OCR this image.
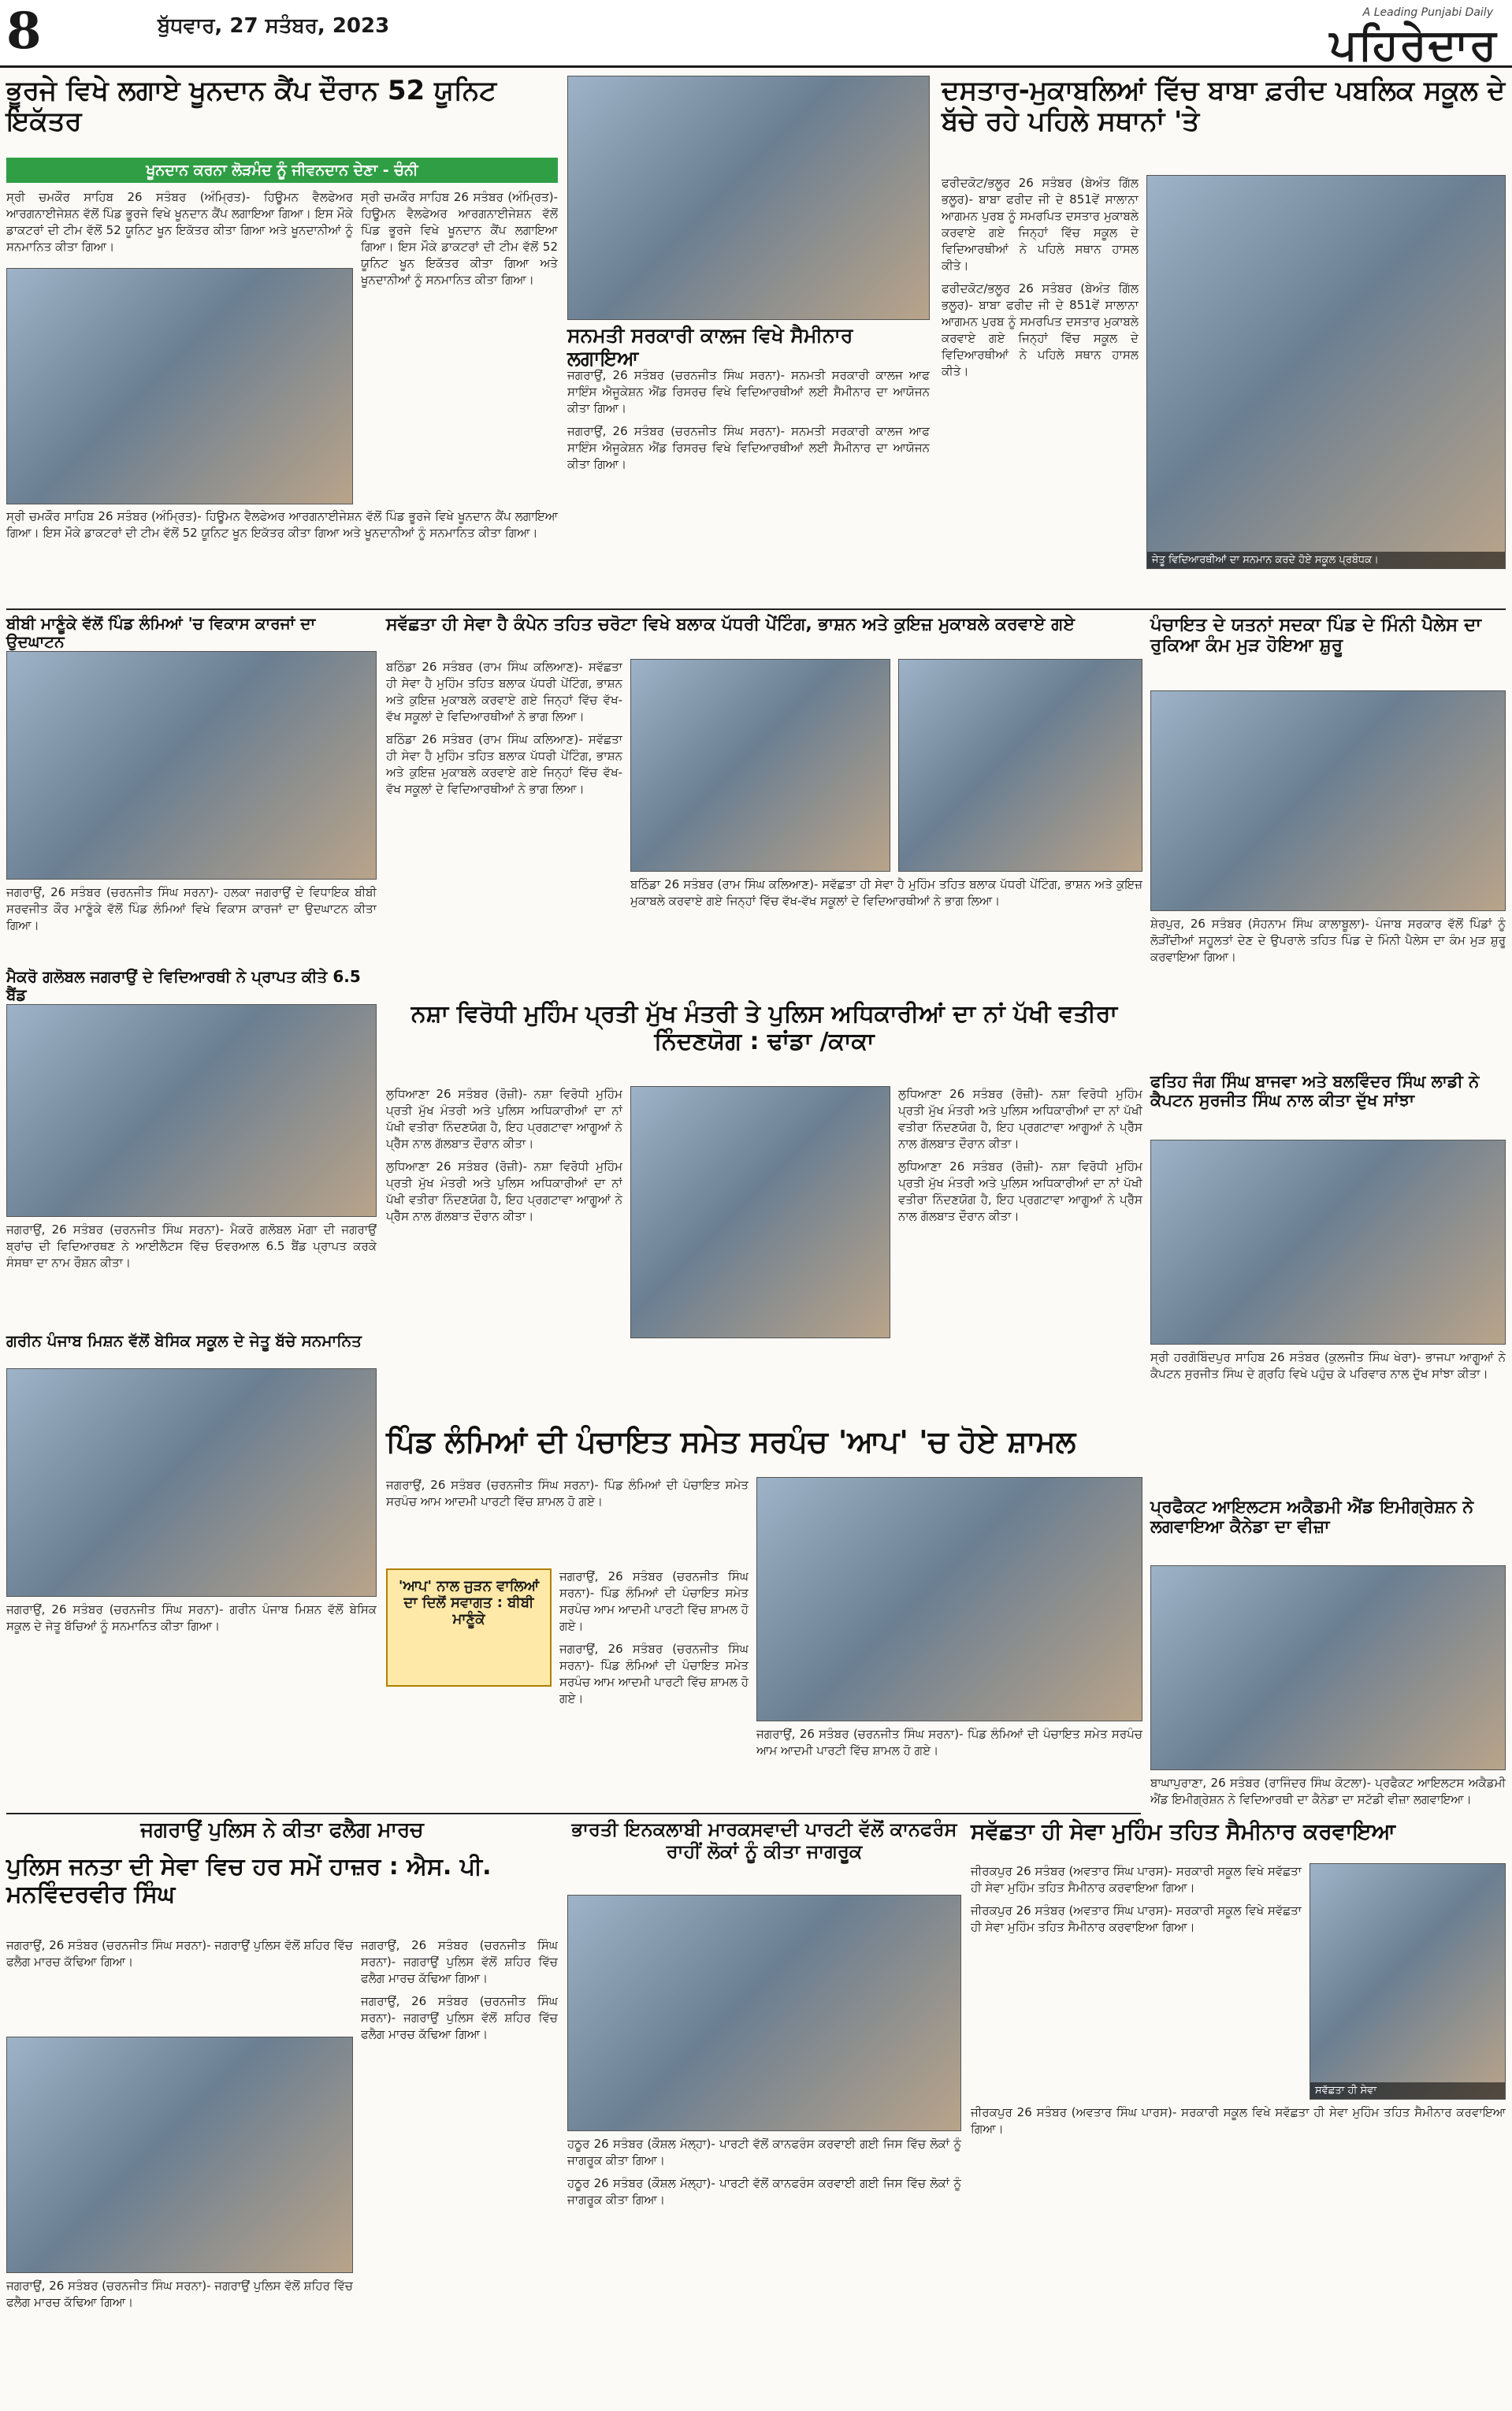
8	ਬੁੱਧਵਾਰ, 27 ਸਤੰਬਰ, 2023
A Leading Punjabi Daily
ਪਹਿਰੇਦਾਰ
ਭੂਰਜੇ ਵਿਖੇ ਲਗਾਏ ਖੂਨਦਾਨ ਕੈਂਪ ਦੌਰਾਨ 52 ਯੂਨਿਟ ਇਕੱਤਰ
ਖੂਨਦਾਨ ਕਰਨਾ ਲੋੜਮੰਦ ਨੂੰ ਜੀਵਨਦਾਨ ਦੇਣਾ - ਚੰਨੀ

ਸ੍ਰੀ ਚਮਕੌਰ ਸਾਹਿਬ 26 ਸਤੰਬਰ (ਅੰਮ੍ਰਿਤ)- ਹਿਊਮਨ ਵੈਲਫੇਅਰ ਆਰਗਨਾਈਜੇਸ਼ਨ ਵੱਲੋਂ ਪਿੰਡ ਭੂਰਜੇ ਵਿਖੇ ਖੂਨਦਾਨ ਕੈਂਪ ਲਗਾਇਆ ਗਿਆ। ਇਸ ਮੌਕੇ ਡਾਕਟਰਾਂ ਦੀ ਟੀਮ ਵੱਲੋਂ 52 ਯੂਨਿਟ ਖੂਨ ਇਕੱਤਰ ਕੀਤਾ ਗਿਆ ਅਤੇ ਖੂਨਦਾਨੀਆਂ ਨੂੰ ਸਨਮਾਨਿਤ ਕੀਤਾ ਗਿਆ।

ਸ੍ਰੀ ਚਮਕੌਰ ਸਾਹਿਬ 26 ਸਤੰਬਰ (ਅੰਮ੍ਰਿਤ)- ਹਿਊਮਨ ਵੈਲਫੇਅਰ ਆਰਗਨਾਈਜੇਸ਼ਨ ਵੱਲੋਂ ਪਿੰਡ ਭੂਰਜੇ ਵਿਖੇ ਖੂਨਦਾਨ ਕੈਂਪ ਲਗਾਇਆ ਗਿਆ। ਇਸ ਮੌਕੇ ਡਾਕਟਰਾਂ ਦੀ ਟੀਮ ਵੱਲੋਂ 52 ਯੂਨਿਟ ਖੂਨ ਇਕੱਤਰ ਕੀਤਾ ਗਿਆ ਅਤੇ ਖੂਨਦਾਨੀਆਂ ਨੂੰ ਸਨਮਾਨਿਤ ਕੀਤਾ ਗਿਆ।

ਸ੍ਰੀ ਚਮਕੌਰ ਸਾਹਿਬ 26 ਸਤੰਬਰ (ਅੰਮ੍ਰਿਤ)- ਹਿਊਮਨ ਵੈਲਫੇਅਰ ਆਰਗਨਾਈਜੇਸ਼ਨ ਵੱਲੋਂ ਪਿੰਡ ਭੂਰਜੇ ਵਿਖੇ ਖੂਨਦਾਨ ਕੈਂਪ ਲਗਾਇਆ ਗਿਆ। ਇਸ ਮੌਕੇ ਡਾਕਟਰਾਂ ਦੀ ਟੀਮ ਵੱਲੋਂ 52 ਯੂਨਿਟ ਖੂਨ ਇਕੱਤਰ ਕੀਤਾ ਗਿਆ ਅਤੇ ਖੂਨਦਾਨੀਆਂ ਨੂੰ ਸਨਮਾਨਿਤ ਕੀਤਾ ਗਿਆ।

ਸਨਮਤੀ ਸਰਕਾਰੀ ਕਾਲਜ ਵਿਖੇ ਸੈਮੀਨਾਰ ਲਗਾਇਆ

ਜਗਰਾਉਂ, 26 ਸਤੰਬਰ (ਚਰਨਜੀਤ ਸਿੰਘ ਸਰਨਾ)- ਸਨਮਤੀ ਸਰਕਾਰੀ ਕਾਲਜ ਆਫ ਸਾਇੰਸ ਐਜੂਕੇਸ਼ਨ ਐਂਡ ਰਿਸਰਚ ਵਿਖੇ ਵਿਦਿਆਰਥੀਆਂ ਲਈ ਸੈਮੀਨਾਰ ਦਾ ਆਯੋਜਨ ਕੀਤਾ ਗਿਆ।

ਜਗਰਾਉਂ, 26 ਸਤੰਬਰ (ਚਰਨਜੀਤ ਸਿੰਘ ਸਰਨਾ)- ਸਨਮਤੀ ਸਰਕਾਰੀ ਕਾਲਜ ਆਫ ਸਾਇੰਸ ਐਜੂਕੇਸ਼ਨ ਐਂਡ ਰਿਸਰਚ ਵਿਖੇ ਵਿਦਿਆਰਥੀਆਂ ਲਈ ਸੈਮੀਨਾਰ ਦਾ ਆਯੋਜਨ ਕੀਤਾ ਗਿਆ।

ਦਸਤਾਰ-ਮੁਕਾਬਲਿਆਂ ਵਿੱਚ ਬਾਬਾ ਫ਼ਰੀਦ ਪਬਲਿਕ ਸਕੂਲ ਦੇ ਬੱਚੇ ਰਹੇ ਪਹਿਲੇ ਸਥਾਨਾਂ 'ਤੇ

ਫਰੀਦਕੋਟ/ਭਲੂਰ 26 ਸਤੰਬਰ (ਬੇਅੰਤ ਗਿੱਲ ਭਲੂਰ)- ਬਾਬਾ ਫਰੀਦ ਜੀ ਦੇ 851ਵੇਂ ਸਾਲਾਨਾ ਆਗਮਨ ਪੁਰਬ ਨੂੰ ਸਮਰਪਿਤ ਦਸਤਾਰ ਮੁਕਾਬਲੇ ਕਰਵਾਏ ਗਏ ਜਿਨ੍ਹਾਂ ਵਿੱਚ ਸਕੂਲ ਦੇ ਵਿਦਿਆਰਥੀਆਂ ਨੇ ਪਹਿਲੇ ਸਥਾਨ ਹਾਸਲ ਕੀਤੇ।

ਫਰੀਦਕੋਟ/ਭਲੂਰ 26 ਸਤੰਬਰ (ਬੇਅੰਤ ਗਿੱਲ ਭਲੂਰ)- ਬਾਬਾ ਫਰੀਦ ਜੀ ਦੇ 851ਵੇਂ ਸਾਲਾਨਾ ਆਗਮਨ ਪੁਰਬ ਨੂੰ ਸਮਰਪਿਤ ਦਸਤਾਰ ਮੁਕਾਬਲੇ ਕਰਵਾਏ ਗਏ ਜਿਨ੍ਹਾਂ ਵਿੱਚ ਸਕੂਲ ਦੇ ਵਿਦਿਆਰਥੀਆਂ ਨੇ ਪਹਿਲੇ ਸਥਾਨ ਹਾਸਲ ਕੀਤੇ।

ਜੇਤੂ ਵਿਦਿਆਰਥੀਆਂ ਦਾ ਸਨਮਾਨ ਕਰਦੇ ਹੋਏ ਸਕੂਲ ਪ੍ਰਬੰਧਕ।
ਬੀਬੀ ਮਾਣੂੰਕੇ ਵੱਲੋਂ ਪਿੰਡ ਲੰਮਿਆਂ 'ਚ ਵਿਕਾਸ ਕਾਰਜਾਂ ਦਾ ਉਦਘਾਟਨ

ਜਗਰਾਉਂ, 26 ਸਤੰਬਰ (ਚਰਨਜੀਤ ਸਿੰਘ ਸਰਨਾ)- ਹਲਕਾ ਜਗਰਾਉਂ ਦੇ ਵਿਧਾਇਕ ਬੀਬੀ ਸਰਵਜੀਤ ਕੌਰ ਮਾਣੂੰਕੇ ਵੱਲੋਂ ਪਿੰਡ ਲੰਮਿਆਂ ਵਿਖੇ ਵਿਕਾਸ ਕਾਰਜਾਂ ਦਾ ਉਦਘਾਟਨ ਕੀਤਾ ਗਿਆ।

ਮੈਕਰੋ ਗਲੋਬਲ ਜਗਰਾਉਂ ਦੇ ਵਿਦਿਆਰਥੀ ਨੇ ਪ੍ਰਾਪਤ ਕੀਤੇ 6.5 ਬੈਂਡ

ਜਗਰਾਉਂ, 26 ਸਤੰਬਰ (ਚਰਨਜੀਤ ਸਿੰਘ ਸਰਨਾ)- ਮੈਕਰੋ ਗਲੋਬਲ ਮੋਗਾ ਦੀ ਜਗਰਾਉਂ ਬ੍ਰਾਂਚ ਦੀ ਵਿਦਿਆਰਥਣ ਨੇ ਆਈਲੈਟਸ ਵਿੱਚ ਓਵਰਆਲ 6.5 ਬੈਂਡ ਪ੍ਰਾਪਤ ਕਰਕੇ ਸੰਸਥਾ ਦਾ ਨਾਮ ਰੌਸ਼ਨ ਕੀਤਾ।

ਸਵੱਛਤਾ ਹੀ ਸੇਵਾ ਹੈ ਕੰਪੇਨ ਤਹਿਤ ਚਰੋਟਾ ਵਿਖੇ ਬਲਾਕ ਪੱਧਰੀ ਪੇਂਟਿੰਗ, ਭਾਸ਼ਨ ਅਤੇ ਕੁਇਜ਼ ਮੁਕਾਬਲੇ ਕਰਵਾਏ ਗਏ

ਬਠਿੰਡਾ 26 ਸਤੰਬਰ (ਰਾਮ ਸਿੰਘ ਕਲਿਆਣ)- ਸਵੱਛਤਾ ਹੀ ਸੇਵਾ ਹੈ ਮੁਹਿੰਮ ਤਹਿਤ ਬਲਾਕ ਪੱਧਰੀ ਪੇਂਟਿੰਗ, ਭਾਸ਼ਨ ਅਤੇ ਕੁਇਜ਼ ਮੁਕਾਬਲੇ ਕਰਵਾਏ ਗਏ ਜਿਨ੍ਹਾਂ ਵਿੱਚ ਵੱਖ-ਵੱਖ ਸਕੂਲਾਂ ਦੇ ਵਿਦਿਆਰਥੀਆਂ ਨੇ ਭਾਗ ਲਿਆ।

ਬਠਿੰਡਾ 26 ਸਤੰਬਰ (ਰਾਮ ਸਿੰਘ ਕਲਿਆਣ)- ਸਵੱਛਤਾ ਹੀ ਸੇਵਾ ਹੈ ਮੁਹਿੰਮ ਤਹਿਤ ਬਲਾਕ ਪੱਧਰੀ ਪੇਂਟਿੰਗ, ਭਾਸ਼ਨ ਅਤੇ ਕੁਇਜ਼ ਮੁਕਾਬਲੇ ਕਰਵਾਏ ਗਏ ਜਿਨ੍ਹਾਂ ਵਿੱਚ ਵੱਖ-ਵੱਖ ਸਕੂਲਾਂ ਦੇ ਵਿਦਿਆਰਥੀਆਂ ਨੇ ਭਾਗ ਲਿਆ।

ਬਠਿੰਡਾ 26 ਸਤੰਬਰ (ਰਾਮ ਸਿੰਘ ਕਲਿਆਣ)- ਸਵੱਛਤਾ ਹੀ ਸੇਵਾ ਹੈ ਮੁਹਿੰਮ ਤਹਿਤ ਬਲਾਕ ਪੱਧਰੀ ਪੇਂਟਿੰਗ, ਭਾਸ਼ਨ ਅਤੇ ਕੁਇਜ਼ ਮੁਕਾਬਲੇ ਕਰਵਾਏ ਗਏ ਜਿਨ੍ਹਾਂ ਵਿੱਚ ਵੱਖ-ਵੱਖ ਸਕੂਲਾਂ ਦੇ ਵਿਦਿਆਰਥੀਆਂ ਨੇ ਭਾਗ ਲਿਆ।

ਪੰਚਾਇਤ ਦੇ ਯਤਨਾਂ ਸਦਕਾ ਪਿੰਡ ਦੇ ਮਿੰਨੀ ਪੈਲੇਸ ਦਾ ਰੁਕਿਆ ਕੰਮ ਮੁੜ ਹੋਇਆ ਸ਼ੁਰੂ

ਸ਼ੇਰਪੁਰ, 26 ਸਤੰਬਰ (ਸੋਹਨਾਮ ਸਿੰਘ ਕਾਲਾਬੂਲਾ)- ਪੰਜਾਬ ਸਰਕਾਰ ਵੱਲੋਂ ਪਿੰਡਾਂ ਨੂੰ ਲੋੜੀਂਦੀਆਂ ਸਹੂਲਤਾਂ ਦੇਣ ਦੇ ਉਪਰਾਲੇ ਤਹਿਤ ਪਿੰਡ ਦੇ ਮਿੰਨੀ ਪੈਲੇਸ ਦਾ ਕੰਮ ਮੁੜ ਸ਼ੁਰੂ ਕਰਵਾਇਆ ਗਿਆ।

ਨਸ਼ਾ ਵਿਰੋਧੀ ਮੁਹਿੰਮ ਪ੍ਰਤੀ ਮੁੱਖ ਮੰਤਰੀ ਤੇ ਪੁਲਿਸ ਅਧਿਕਾਰੀਆਂ ਦਾ ਨਾਂ ਪੱਖੀ ਵਤੀਰਾ ਨਿੰਦਣਯੋਗ : ਢਾਂਡਾ /ਕਾਕਾ

ਲੁਧਿਆਣਾ 26 ਸਤੰਬਰ (ਰੋਜ਼ੀ)- ਨਸ਼ਾ ਵਿਰੋਧੀ ਮੁਹਿੰਮ ਪ੍ਰਤੀ ਮੁੱਖ ਮੰਤਰੀ ਅਤੇ ਪੁਲਿਸ ਅਧਿਕਾਰੀਆਂ ਦਾ ਨਾਂ ਪੱਖੀ ਵਤੀਰਾ ਨਿੰਦਣਯੋਗ ਹੈ, ਇਹ ਪ੍ਰਗਟਾਵਾ ਆਗੂਆਂ ਨੇ ਪ੍ਰੈੱਸ ਨਾਲ ਗੱਲਬਾਤ ਦੌਰਾਨ ਕੀਤਾ।

ਲੁਧਿਆਣਾ 26 ਸਤੰਬਰ (ਰੋਜ਼ੀ)- ਨਸ਼ਾ ਵਿਰੋਧੀ ਮੁਹਿੰਮ ਪ੍ਰਤੀ ਮੁੱਖ ਮੰਤਰੀ ਅਤੇ ਪੁਲਿਸ ਅਧਿਕਾਰੀਆਂ ਦਾ ਨਾਂ ਪੱਖੀ ਵਤੀਰਾ ਨਿੰਦਣਯੋਗ ਹੈ, ਇਹ ਪ੍ਰਗਟਾਵਾ ਆਗੂਆਂ ਨੇ ਪ੍ਰੈੱਸ ਨਾਲ ਗੱਲਬਾਤ ਦੌਰਾਨ ਕੀਤਾ।

ਲੁਧਿਆਣਾ 26 ਸਤੰਬਰ (ਰੋਜ਼ੀ)- ਨਸ਼ਾ ਵਿਰੋਧੀ ਮੁਹਿੰਮ ਪ੍ਰਤੀ ਮੁੱਖ ਮੰਤਰੀ ਅਤੇ ਪੁਲਿਸ ਅਧਿਕਾਰੀਆਂ ਦਾ ਨਾਂ ਪੱਖੀ ਵਤੀਰਾ ਨਿੰਦਣਯੋਗ ਹੈ, ਇਹ ਪ੍ਰਗਟਾਵਾ ਆਗੂਆਂ ਨੇ ਪ੍ਰੈੱਸ ਨਾਲ ਗੱਲਬਾਤ ਦੌਰਾਨ ਕੀਤਾ।

ਲੁਧਿਆਣਾ 26 ਸਤੰਬਰ (ਰੋਜ਼ੀ)- ਨਸ਼ਾ ਵਿਰੋਧੀ ਮੁਹਿੰਮ ਪ੍ਰਤੀ ਮੁੱਖ ਮੰਤਰੀ ਅਤੇ ਪੁਲਿਸ ਅਧਿਕਾਰੀਆਂ ਦਾ ਨਾਂ ਪੱਖੀ ਵਤੀਰਾ ਨਿੰਦਣਯੋਗ ਹੈ, ਇਹ ਪ੍ਰਗਟਾਵਾ ਆਗੂਆਂ ਨੇ ਪ੍ਰੈੱਸ ਨਾਲ ਗੱਲਬਾਤ ਦੌਰਾਨ ਕੀਤਾ।

ਫਤਿਹ ਜੰਗ ਸਿੰਘ ਬਾਜਵਾ ਅਤੇ ਬਲਵਿੰਦਰ ਸਿੰਘ ਲਾਡੀ ਨੇ ਕੈਪਟਨ ਸੁਰਜੀਤ ਸਿੰਘ ਨਾਲ ਕੀਤਾ ਦੁੱਖ ਸਾਂਝਾ

ਸ੍ਰੀ ਹਰਗੋਬਿੰਦਪੁਰ ਸਾਹਿਬ 26 ਸਤੰਬਰ (ਕੁਲਜੀਤ ਸਿੰਘ ਖੇਰਾ)- ਭਾਜਪਾ ਆਗੂਆਂ ਨੇ ਕੈਪਟਨ ਸੁਰਜੀਤ ਸਿੰਘ ਦੇ ਗ੍ਰਹਿ ਵਿਖੇ ਪਹੁੰਚ ਕੇ ਪਰਿਵਾਰ ਨਾਲ ਦੁੱਖ ਸਾਂਝਾ ਕੀਤਾ।

ਗਰੀਨ ਪੰਜਾਬ ਮਿਸ਼ਨ ਵੱਲੋਂ ਬੇਸਿਕ ਸਕੂਲ ਦੇ ਜੇਤੂ ਬੱਚੇ ਸਨਮਾਨਿਤ

ਜਗਰਾਉਂ, 26 ਸਤੰਬਰ (ਚਰਨਜੀਤ ਸਿੰਘ ਸਰਨਾ)- ਗਰੀਨ ਪੰਜਾਬ ਮਿਸ਼ਨ ਵੱਲੋਂ ਬੇਸਿਕ ਸਕੂਲ ਦੇ ਜੇਤੂ ਬੱਚਿਆਂ ਨੂੰ ਸਨਮਾਨਿਤ ਕੀਤਾ ਗਿਆ।

ਪਿੰਡ ਲੰਮਿਆਂ ਦੀ ਪੰਚਾਇਤ ਸਮੇਤ ਸਰਪੰਚ 'ਆਪ' 'ਚ ਹੋਏ ਸ਼ਾਮਲ

ਜਗਰਾਉਂ, 26 ਸਤੰਬਰ (ਚਰਨਜੀਤ ਸਿੰਘ ਸਰਨਾ)- ਪਿੰਡ ਲੰਮਿਆਂ ਦੀ ਪੰਚਾਇਤ ਸਮੇਤ ਸਰਪੰਚ ਆਮ ਆਦਮੀ ਪਾਰਟੀ ਵਿੱਚ ਸ਼ਾਮਲ ਹੋ ਗਏ।

'ਆਪ' ਨਾਲ ਜੁੜਨ ਵਾਲਿਆਂ ਦਾ ਦਿਲੋਂ ਸਵਾਗਤ : ਬੀਬੀ ਮਾਣੂੰਕੇ

ਜਗਰਾਉਂ, 26 ਸਤੰਬਰ (ਚਰਨਜੀਤ ਸਿੰਘ ਸਰਨਾ)- ਪਿੰਡ ਲੰਮਿਆਂ ਦੀ ਪੰਚਾਇਤ ਸਮੇਤ ਸਰਪੰਚ ਆਮ ਆਦਮੀ ਪਾਰਟੀ ਵਿੱਚ ਸ਼ਾਮਲ ਹੋ ਗਏ।

ਜਗਰਾਉਂ, 26 ਸਤੰਬਰ (ਚਰਨਜੀਤ ਸਿੰਘ ਸਰਨਾ)- ਪਿੰਡ ਲੰਮਿਆਂ ਦੀ ਪੰਚਾਇਤ ਸਮੇਤ ਸਰਪੰਚ ਆਮ ਆਦਮੀ ਪਾਰਟੀ ਵਿੱਚ ਸ਼ਾਮਲ ਹੋ ਗਏ।

ਜਗਰਾਉਂ, 26 ਸਤੰਬਰ (ਚਰਨਜੀਤ ਸਿੰਘ ਸਰਨਾ)- ਪਿੰਡ ਲੰਮਿਆਂ ਦੀ ਪੰਚਾਇਤ ਸਮੇਤ ਸਰਪੰਚ ਆਮ ਆਦਮੀ ਪਾਰਟੀ ਵਿੱਚ ਸ਼ਾਮਲ ਹੋ ਗਏ।

ਪ੍ਰਫੈਕਟ ਆਇਲਟਸ ਅਕੈਡਮੀ ਐਂਡ ਇਮੀਗ੍ਰੇਸ਼ਨ ਨੇ ਲਗਵਾਇਆ ਕੈਨੇਡਾ ਦਾ ਵੀਜ਼ਾ

ਬਾਘਾਪੁਰਾਣਾ, 26 ਸਤੰਬਰ (ਰਾਜਿੰਦਰ ਸਿੰਘ ਕੋਟਲਾ)- ਪ੍ਰਫੈਕਟ ਆਇਲਟਸ ਅਕੈਡਮੀ ਐਂਡ ਇਮੀਗ੍ਰੇਸ਼ਨ ਨੇ ਵਿਦਿਆਰਥੀ ਦਾ ਕੈਨੇਡਾ ਦਾ ਸਟੱਡੀ ਵੀਜ਼ਾ ਲਗਵਾਇਆ।

ਜਗਰਾਉਂ ਪੁਲਿਸ ਨੇ ਕੀਤਾ ਫਲੈਗ ਮਾਰਚ
ਪੁਲਿਸ ਜਨਤਾ ਦੀ ਸੇਵਾ ਵਿਚ ਹਰ ਸਮੇਂ ਹਾਜ਼ਰ : ਐਸ. ਪੀ. ਮਨਵਿੰਦਰਵੀਰ ਸਿੰਘ

ਜਗਰਾਉਂ, 26 ਸਤੰਬਰ (ਚਰਨਜੀਤ ਸਿੰਘ ਸਰਨਾ)- ਜਗਰਾਉਂ ਪੁਲਿਸ ਵੱਲੋਂ ਸ਼ਹਿਰ ਵਿੱਚ ਫਲੈਗ ਮਾਰਚ ਕੱਢਿਆ ਗਿਆ।

ਜਗਰਾਉਂ, 26 ਸਤੰਬਰ (ਚਰਨਜੀਤ ਸਿੰਘ ਸਰਨਾ)- ਜਗਰਾਉਂ ਪੁਲਿਸ ਵੱਲੋਂ ਸ਼ਹਿਰ ਵਿੱਚ ਫਲੈਗ ਮਾਰਚ ਕੱਢਿਆ ਗਿਆ।

ਜਗਰਾਉਂ, 26 ਸਤੰਬਰ (ਚਰਨਜੀਤ ਸਿੰਘ ਸਰਨਾ)- ਜਗਰਾਉਂ ਪੁਲਿਸ ਵੱਲੋਂ ਸ਼ਹਿਰ ਵਿੱਚ ਫਲੈਗ ਮਾਰਚ ਕੱਢਿਆ ਗਿਆ।

ਜਗਰਾਉਂ, 26 ਸਤੰਬਰ (ਚਰਨਜੀਤ ਸਿੰਘ ਸਰਨਾ)- ਜਗਰਾਉਂ ਪੁਲਿਸ ਵੱਲੋਂ ਸ਼ਹਿਰ ਵਿੱਚ ਫਲੈਗ ਮਾਰਚ ਕੱਢਿਆ ਗਿਆ।

ਭਾਰਤੀ ਇਨਕਲਾਬੀ ਮਾਰਕਸਵਾਦੀ ਪਾਰਟੀ ਵੱਲੋਂ ਕਾਨਫਰੰਸ ਰਾਹੀਂ ਲੋਕਾਂ ਨੂੰ ਕੀਤਾ ਜਾਗਰੂਕ

ਹਠੂਰ 26 ਸਤੰਬਰ (ਕੌਸ਼ਲ ਮੱਲ੍ਹਾ)- ਪਾਰਟੀ ਵੱਲੋਂ ਕਾਨਫਰੰਸ ਕਰਵਾਈ ਗਈ ਜਿਸ ਵਿੱਚ ਲੋਕਾਂ ਨੂੰ ਜਾਗਰੂਕ ਕੀਤਾ ਗਿਆ।

ਹਠੂਰ 26 ਸਤੰਬਰ (ਕੌਸ਼ਲ ਮੱਲ੍ਹਾ)- ਪਾਰਟੀ ਵੱਲੋਂ ਕਾਨਫਰੰਸ ਕਰਵਾਈ ਗਈ ਜਿਸ ਵਿੱਚ ਲੋਕਾਂ ਨੂੰ ਜਾਗਰੂਕ ਕੀਤਾ ਗਿਆ।

ਸਵੱਛਤਾ ਹੀ ਸੇਵਾ ਮੁਹਿੰਮ ਤਹਿਤ ਸੈਮੀਨਾਰ ਕਰਵਾਇਆ

ਜੀਰਕਪੁਰ 26 ਸਤੰਬਰ (ਅਵਤਾਰ ਸਿੰਘ ਪਾਰਸ)- ਸਰਕਾਰੀ ਸਕੂਲ ਵਿਖੇ ਸਵੱਛਤਾ ਹੀ ਸੇਵਾ ਮੁਹਿੰਮ ਤਹਿਤ ਸੈਮੀਨਾਰ ਕਰਵਾਇਆ ਗਿਆ।

ਜੀਰਕਪੁਰ 26 ਸਤੰਬਰ (ਅਵਤਾਰ ਸਿੰਘ ਪਾਰਸ)- ਸਰਕਾਰੀ ਸਕੂਲ ਵਿਖੇ ਸਵੱਛਤਾ ਹੀ ਸੇਵਾ ਮੁਹਿੰਮ ਤਹਿਤ ਸੈਮੀਨਾਰ ਕਰਵਾਇਆ ਗਿਆ।

ਸਵੱਛਤਾ ਹੀ ਸੇਵਾ

ਜੀਰਕਪੁਰ 26 ਸਤੰਬਰ (ਅਵਤਾਰ ਸਿੰਘ ਪਾਰਸ)- ਸਰਕਾਰੀ ਸਕੂਲ ਵਿਖੇ ਸਵੱਛਤਾ ਹੀ ਸੇਵਾ ਮੁਹਿੰਮ ਤਹਿਤ ਸੈਮੀਨਾਰ ਕਰਵਾਇਆ ਗਿਆ।
